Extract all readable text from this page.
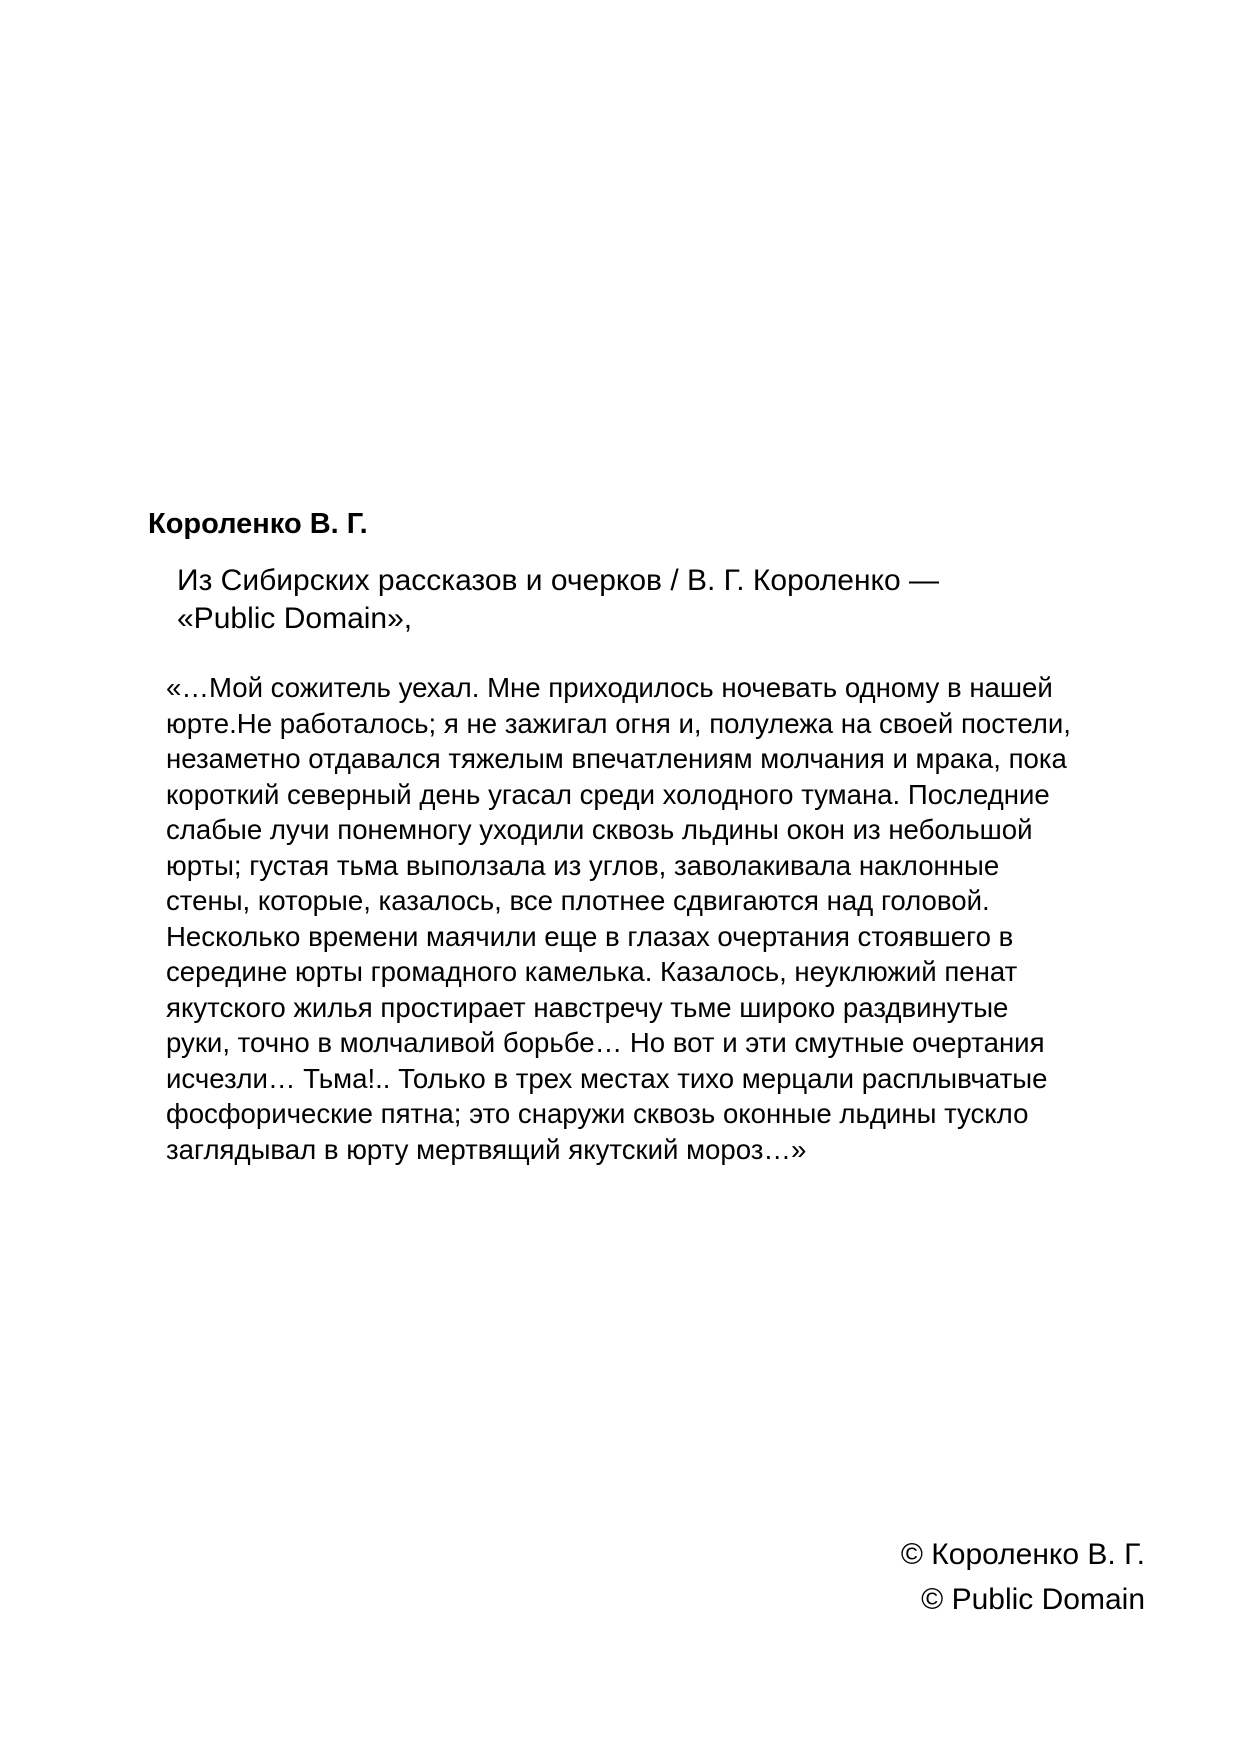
Короленко В. Г.
Из Сибирских рассказов и очерков / В. Г. Короленко —
«Public Domain»,
«…Мой сожитель уехал. Мне приходилось ночевать одному в нашей
юрте.Не работалось; я не зажигал огня и, полулежа на своей постели,
незаметно отдавался тяжелым впечатлениям молчания и мрака, пока
короткий северный день угасал среди холодного тумана. Последние
слабые лучи понемногу уходили сквозь льдины окон из небольшой
юрты; густая тьма выползала из углов, заволакивала наклонные
стены, которые, казалось, все плотнее сдвигаются над головой.
Несколько времени маячили еще в глазах очертания стоявшего в
середине юрты громадного камелька. Казалось, неуклюжий пенат
якутского жилья простирает навстречу тьме широко раздвинутые
руки, точно в молчаливой борьбе… Но вот и эти смутные очертания
исчезли… Тьма!.. Только в трех местах тихо мерцали расплывчатые
фосфорические пятна; это снаружи сквозь оконные льдины тускло
заглядывал в юрту мертвящий якутский мороз…»
© Короленко В. Г.
© Public Domain
